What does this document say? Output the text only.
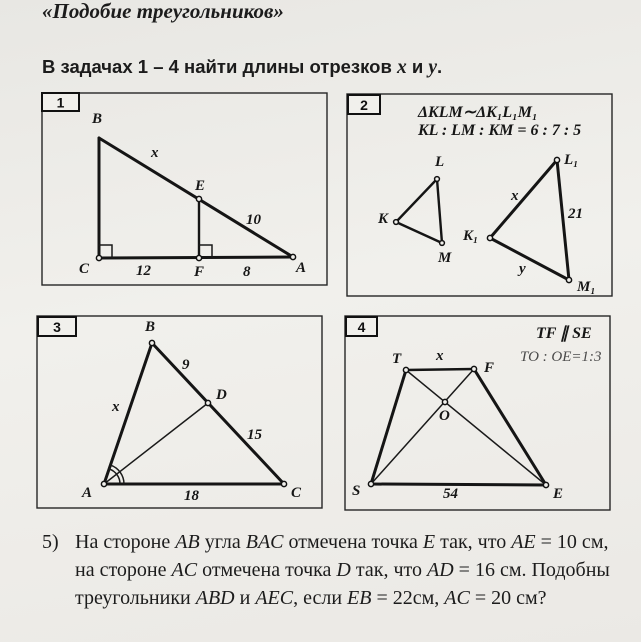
«Подобие треугольников»
В задачах 1 – 4 найти длины отрезков x и y.
1
B
E
C	F	A
x
10
12	8
2	ΔKLM∼ΔK₁L₁M₁
KL : LM : KM = 6 : 7 : 5
L
K
M
L₁
K₁
M₁
x
21
y
3	B
D
A	C
9
x
15
18
4	TF ∥ SE
TO : OE=1:3
T
F
O
S	E
x
54
5) На стороне AB угла BAC отмечена точка E так, что AE = 10 см,
на стороне AC отмечена точка D так, что AD = 16 см. Подобны
треугольники ABD и AEC, если EB = 22см, AC = 20 см?
